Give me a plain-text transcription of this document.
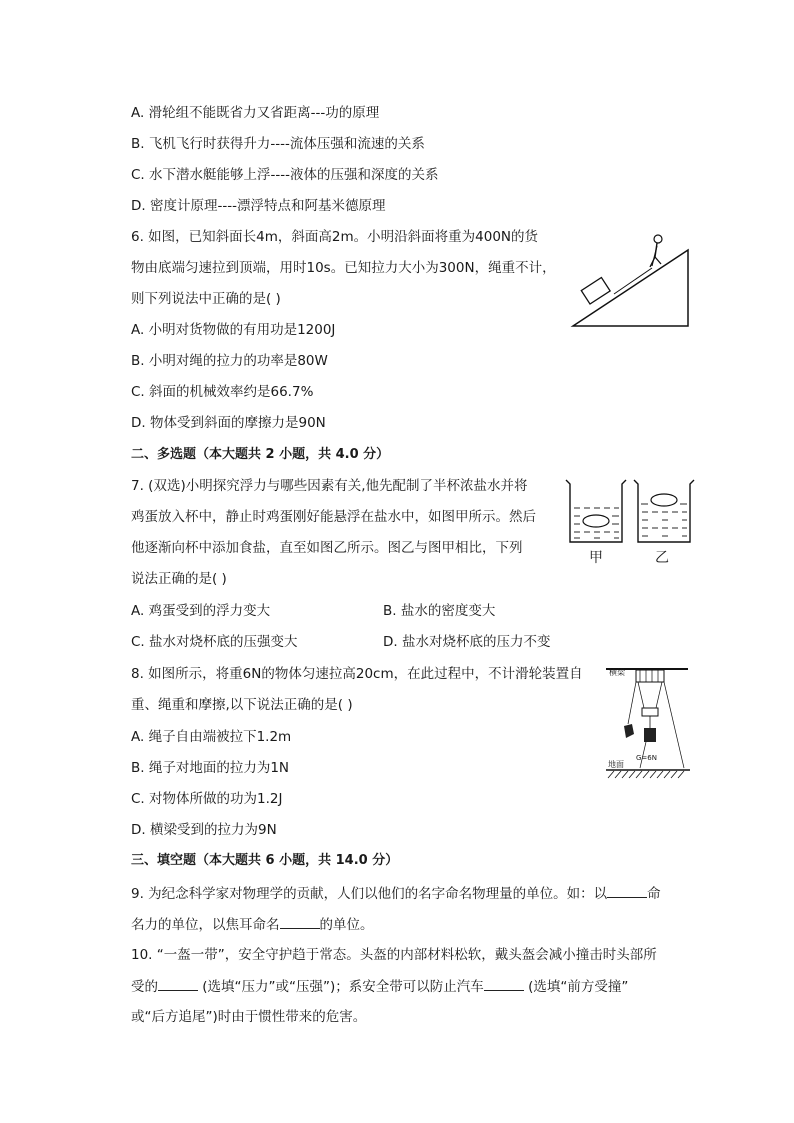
A. 滑轮组不能既省力又省距离---功的原理
B. 飞机飞行时获得升力----流体压强和流速的关系
C. 水下潜水艇能够上浮----液体的压强和深度的关系
D. 密度计原理----漂浮特点和阿基米德原理
6. 如图，已知斜面长4m，斜面高2m。小明沿斜面将重为400N的货
物由底端匀速拉到顶端，用时10s。已知拉力大小为300N，绳重不计，
则下列说法中正确的是( )
A. 小明对货物做的有用功是1200J
B. 小明对绳的拉力的功率是80W
C. 斜面的机械效率约是66.7%
D. 物体受到斜面的摩擦力是90N
二、多选题（本大题共 2 小题，共 4.0 分）
7. (双选)小明探究浮力与哪些因素有关,他先配制了半杯浓盐水并将
鸡蛋放入杯中，静止时鸡蛋刚好能悬浮在盐水中，如图甲所示。然后
他逐渐向杯中添加食盐，直至如图乙所示。图乙与图甲相比，下列
说法正确的是( )
A. 鸡蛋受到的浮力变大	B. 盐水的密度变大
C. 盐水对烧杯底的压强变大	D. 盐水对烧杯底的压力不变
甲	乙
8. 如图所示，将重6N的物体匀速拉高20cm，在此过程中，不计滑轮装置自
重、绳重和摩擦,以下说法正确的是( )
A. 绳子自由端被拉下1.2m
B. 绳子对地面的拉力为1N
C. 对物体所做的功为1.2J
D. 横梁受到的拉力为9N
横梁
地面
G=6N
三、填空题（本大题共 6 小题，共 14.0 分）
9. 为纪念科学家对物理学的贡献，人们以他们的名字命名物理量的单位。如：以	命
名力的单位，以焦耳命名	的单位。
10. “一盔一带”，安全守护趋于常态。头盔的内部材料松软，戴头盔会减小撞击时头部所
受的	(选填“压力”或“压强”)；系安全带可以防止汽车	(选填“前方受撞”
或“后方追尾”)时由于惯性带来的危害。
